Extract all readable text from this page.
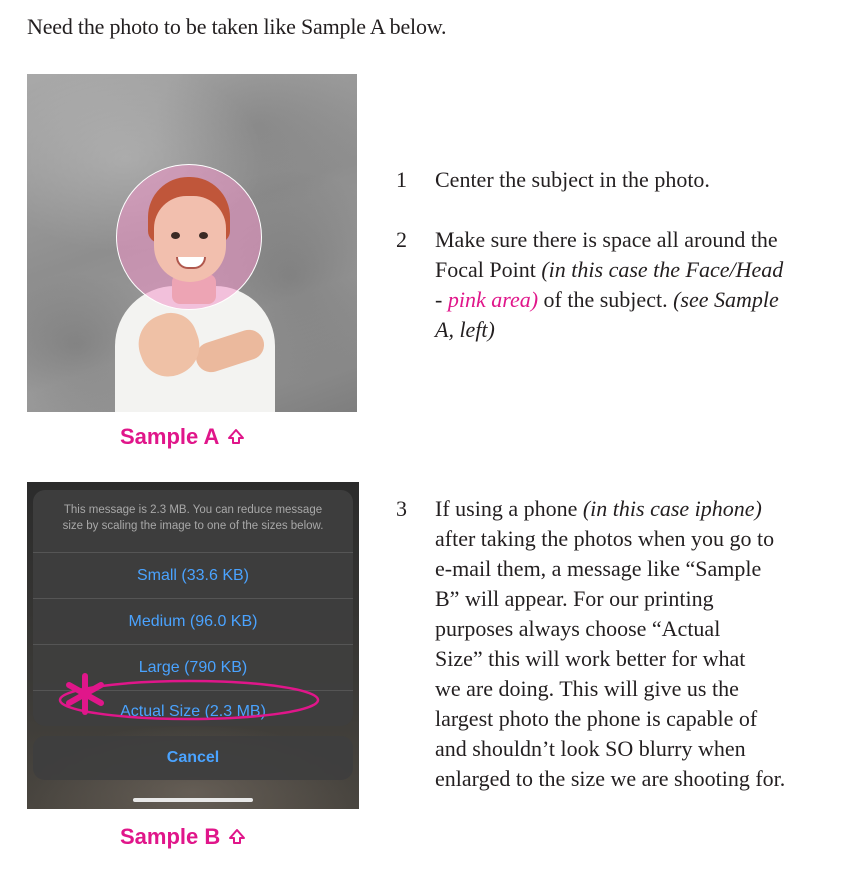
Need the photo to be taken like Sample A below.
Sample A
1 Center the subject in the photo.
2 Make sure there is space all around the
Focal Point (in this case the Face/Head
- pink area) of the subject. (see Sample
A, left)
This message is 2.3 MB. You can reduce message
size by scaling the image to one of the sizes below.
Small (33.6 KB)
Medium (96.0 KB)
Large (790 KB)
Actual Size (2.3 MB)
Cancel
Sample B
3 If using a phone (in this case iphone)
after taking the photos when you go to
e-mail them, a message like “Sample
B” will appear. For our printing
purposes always choose “Actual
Size” this will work better for what
we are doing. This will give us the
largest photo the phone is capable of
and shouldn’t look SO blurry when
enlarged to the size we are shooting for.
